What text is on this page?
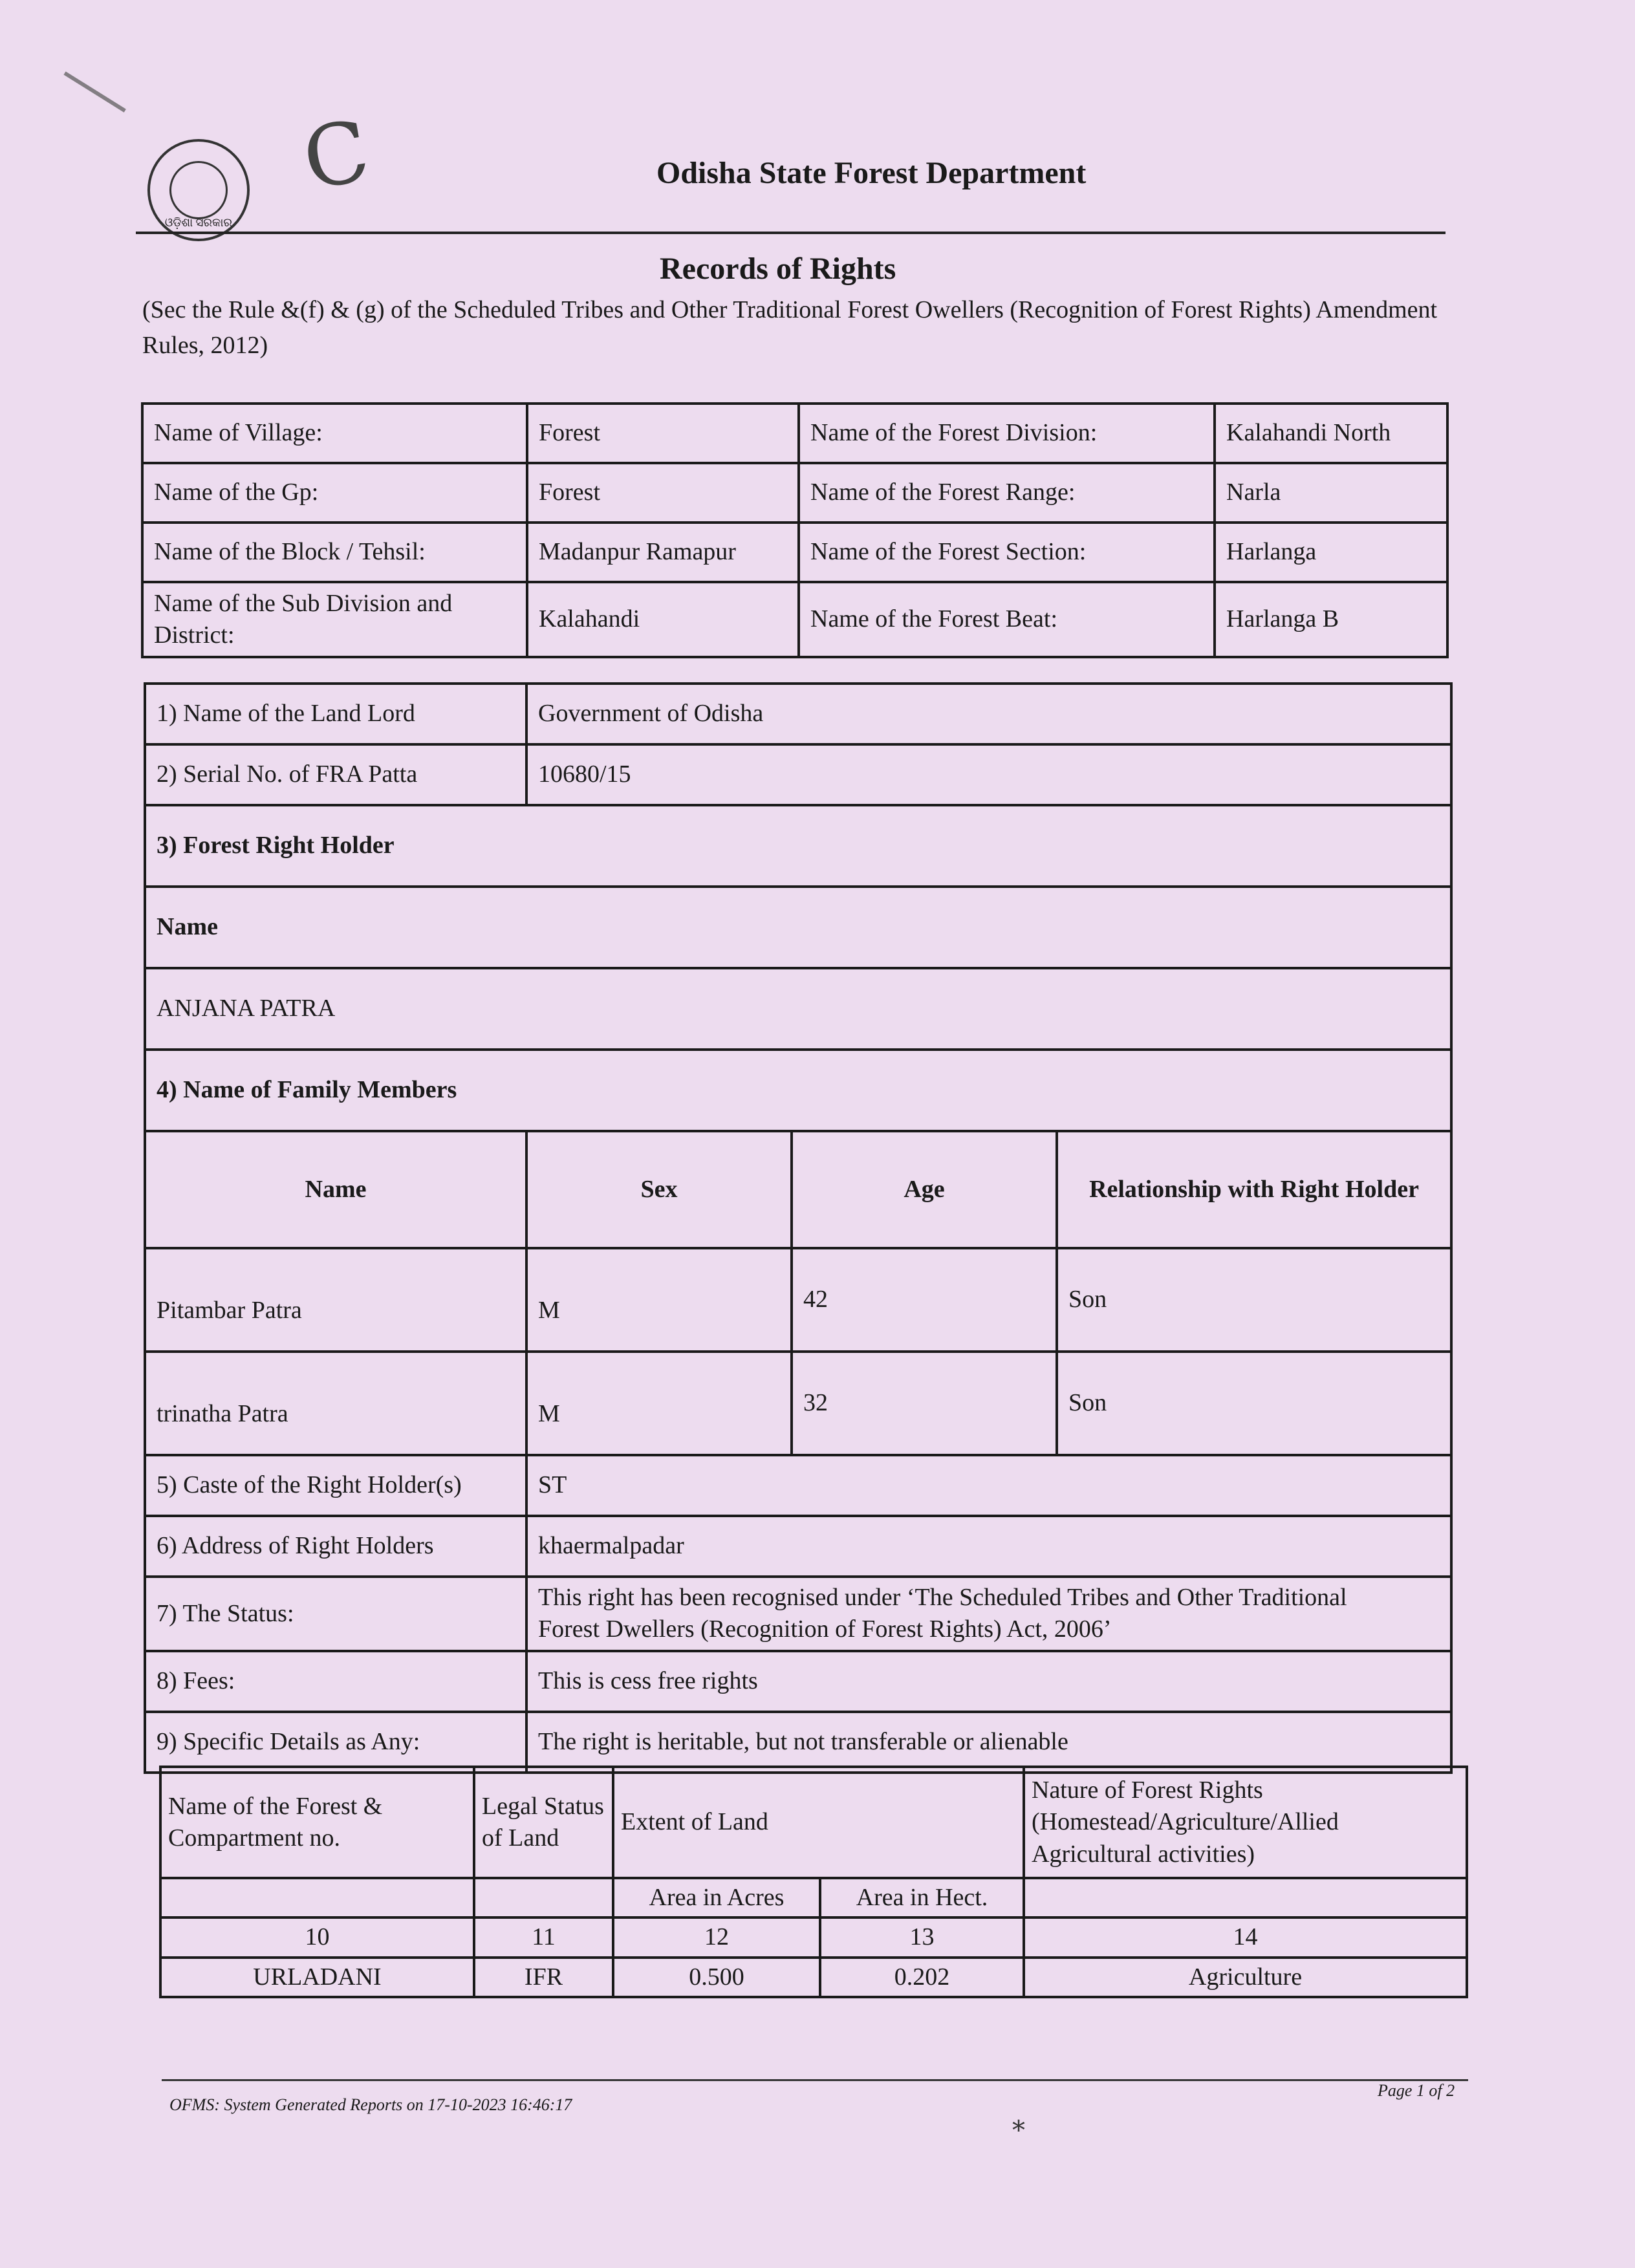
C
ଓଡ଼ିଶା ସରକାର
Odisha State Forest Department
Records of Rights
(Sec the Rule &(f) & (g) of the Scheduled Tribes and Other Traditional Forest Owellers (Recognition of Forest Rights) Amendment Rules, 2012)
Name of Village:	Forest	Name of the Forest Division:	Kalahandi North
Name of the Gp:	Forest	Name of the Forest Range:	Narla
Name of the Block / Tehsil:	Madanpur Ramapur	Name of the Forest Section:	Harlanga
Name of the Sub Division and District:	Kalahandi	Name of the Forest Beat:	Harlanga B
1) Name of the Land Lord	Government of Odisha		
2) Serial No. of FRA Patta	10680/15		
3) Forest Right Holder			
Name			
ANJANA PATRA			
4) Name of Family Members			
Name	Sex	Age	Relationship with Right Holder
Pitambar Patra	M	42	Son
trinatha Patra	M	32	Son
5) Caste of the Right Holder(s)	ST		
6) Address of Right Holders	khaermalpadar		
7) The Status:	This right has been recognised under ‘The Scheduled Tribes and Other Traditional
Forest Dwellers (Recognition of Forest Rights) Act, 2006’		

8) Fees:	This is cess free rights		
9) Specific Details as Any:	The right is heritable, but not transferable or alienable		
Name of the Forest & Compartment no.	Legal Status of Land	Extent of Land		Nature of Forest Rights (Homestead/Agriculture/Allied Agricultural activities)
		Area in Acres	Area in Hect.	
10	11	12	13	14
URLADANI	IFR	0.500	0.202	Agriculture
OFMS: System Generated Reports on 17-10-2023 16:46:17
Page 1 of 2
⁎
